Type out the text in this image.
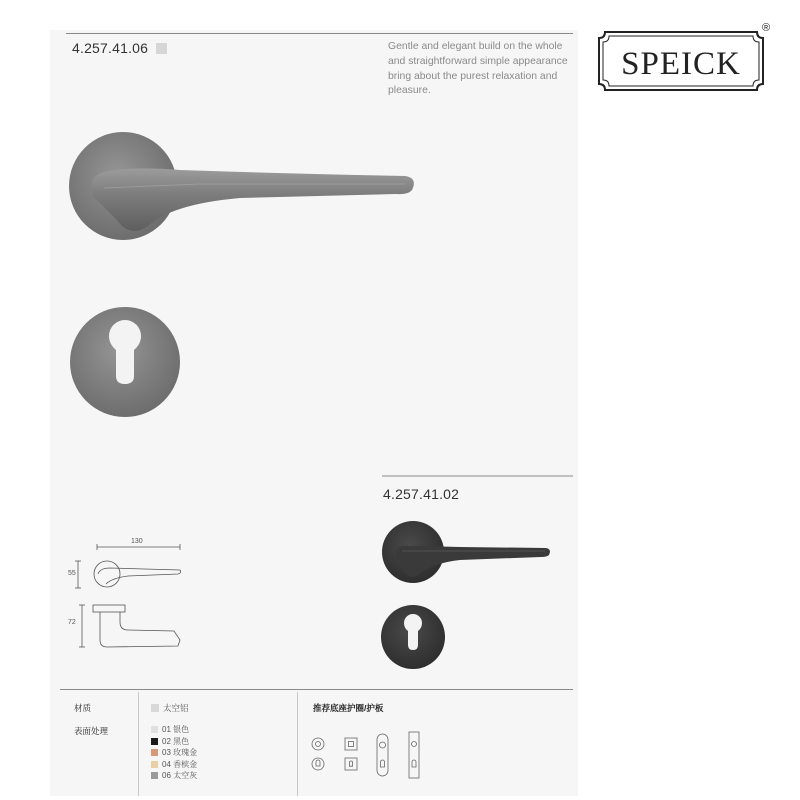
4.257.41.06	Gentle and elegant build on the whole
and straightforward simple appearance
bring about the purest relaxation and
pleasure.
SPEICK
®
4.257.41.02
130
55
72
材质
表面处理
太空铝
01 银色
02 黑色
03 玫瑰金
04 香槟金
06 太空灰
推荐底座护圈/护板
